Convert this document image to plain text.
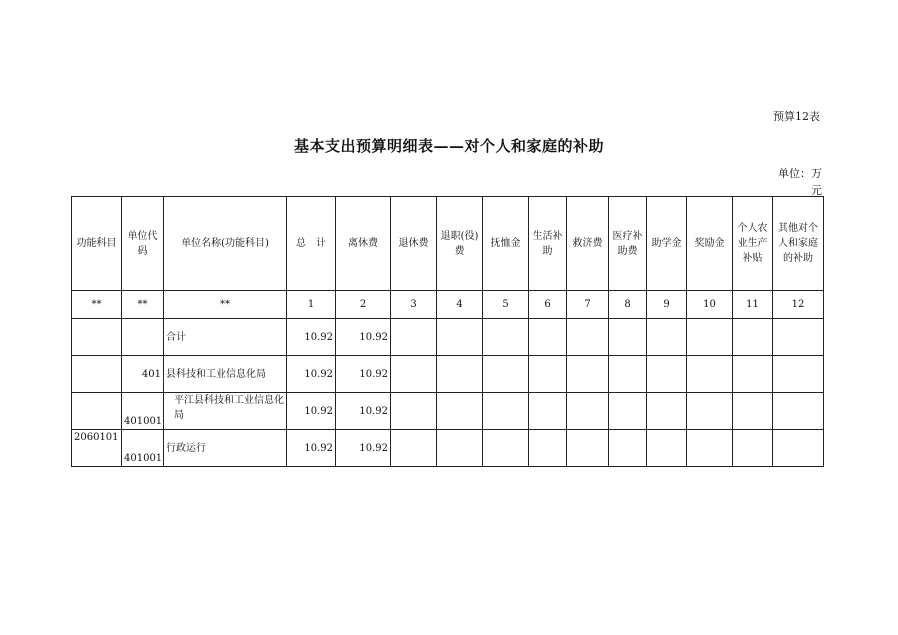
预算12表
基本支出预算明细表——对个人和家庭的补助
单位：万元
功能科目	单位代码	单位名称(功能科目)	总　计	离休费	退休费	退职(役)费	抚恤金	生活补助	救济费	医疗补助费	助学金	奖励金	个人农业生产补贴	其他对个人和家庭的补助
**	**	**	1	2	3	4	5	6	7	8	9	10	11	12
		合计	10.92	10.92										
	401	县科技和工业信息化局	10.92	10.92										
	401001	平江县科技和工业信息化局	10.92	10.92										
2060101	401001	行政运行	10.92	10.92										
